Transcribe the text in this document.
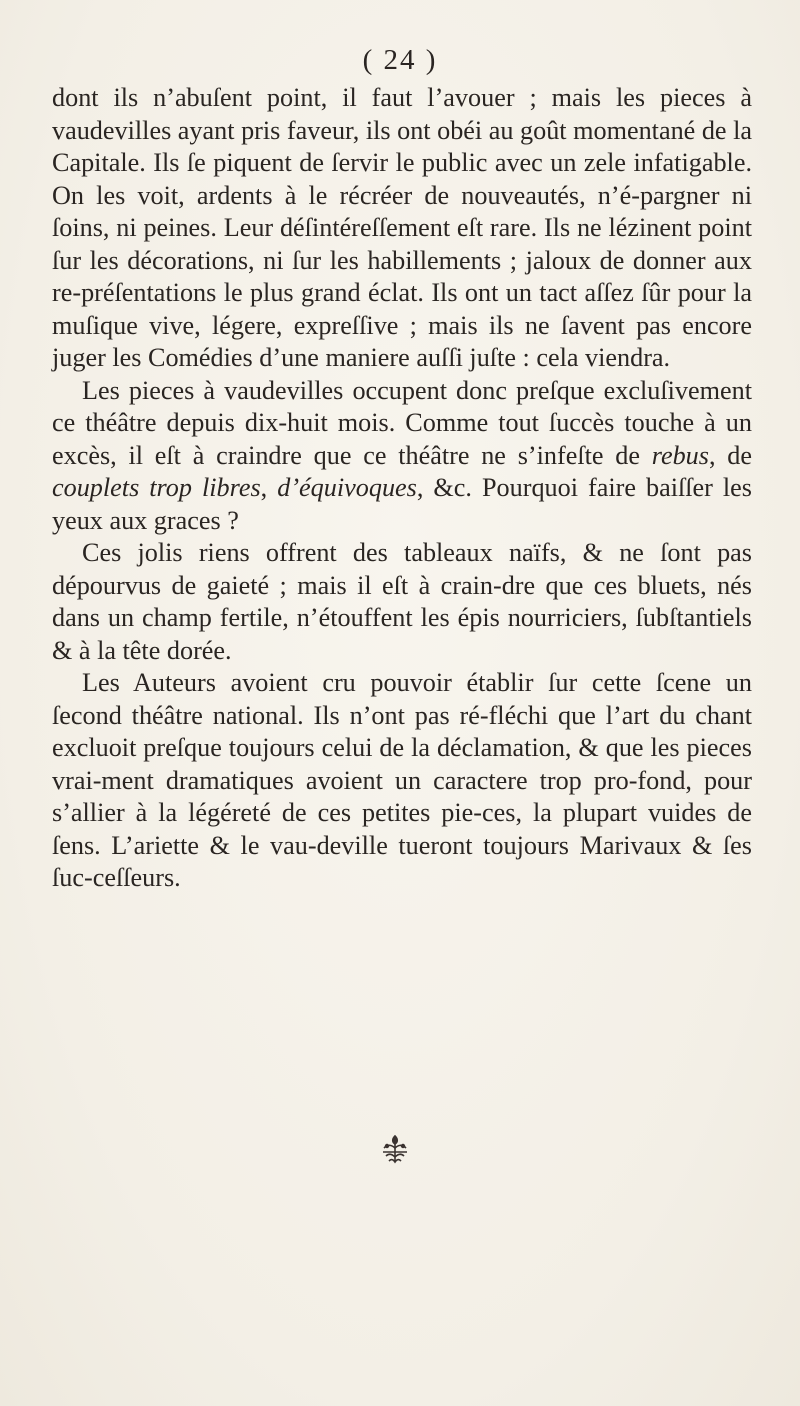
( 24 )

dont ils n’abuſent point, il faut l’avouer ; mais les pieces à vaudevilles ayant pris faveur, ils ont obéi au goût momentané de la Capitale. Ils ſe piquent de ſervir le public avec un zele infatigable. On les voit, ardents à le récréer de nouveautés, n’é-pargner ni ſoins, ni peines. Leur déſintéreſſement eſt rare. Ils ne lézinent point ſur les décorations, ni ſur les habillements ; jaloux de donner aux re-préſentations le plus grand éclat. Ils ont un tact aſſez ſûr pour la muſique vive, légere, expreſſive ; mais ils ne ſavent pas encore juger les Comédies d’une maniere auſſi juſte : cela viendra.

Les pieces à vaudevilles occupent donc preſque excluſivement ce théâtre depuis dix-huit mois. Comme tout ſuccès touche à un excès, il eſt à craindre que ce théâtre ne s’infeſte de rebus, de couplets trop libres, d’équivoques, &c. Pourquoi faire baiſſer les yeux aux graces ?

Ces jolis riens offrent des tableaux naïfs, & ne ſont pas dépourvus de gaieté ; mais il eſt à crain-dre que ces bluets, nés dans un champ fertile, n’étouffent les épis nourriciers, ſubſtantiels & à la tête dorée.

Les Auteurs avoient cru pouvoir établir ſur cette ſcene un ſecond théâtre national. Ils n’ont pas ré-fléchi que l’art du chant excluoit preſque toujours celui de la déclamation, & que les pieces vrai-ment dramatiques avoient un caractere trop pro-fond, pour s’allier à la légéreté de ces petites pie-ces, la plupart vuides de ſens. L’ariette & le vau-deville tueront toujours Marivaux & ſes ſuc-ceſſeurs.
